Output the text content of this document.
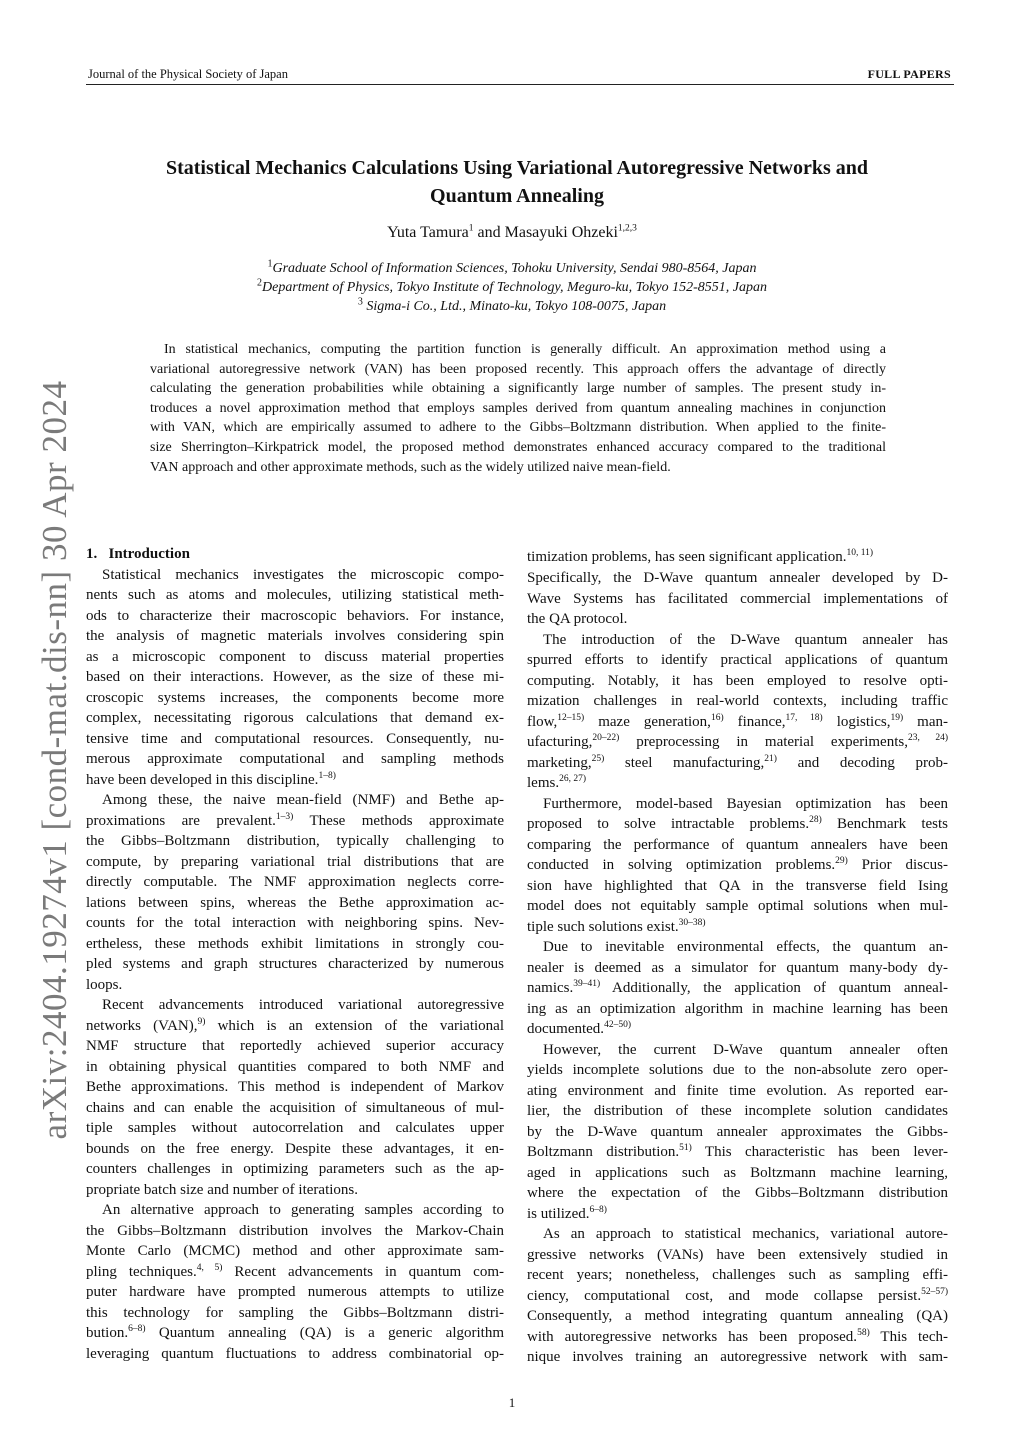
Journal of the Physical Society of Japan	FULL PAPERS
Statistical Mechanics Calculations Using Variational Autoregressive Networks and
Quantum Annealing
Yuta Tamura$^1$ and Masayuki Ohzeki$^{1,2,3}$
$^1$Graduate School of Information Sciences, Tohoku University, Sendai 980-8564, Japan
$^2$Department of Physics, Tokyo Institute of Technology, Meguro-ku, Tokyo 152-8551, Japan
$^3$ Sigma-i Co., Ltd., Minato-ku, Tokyo 108-0075, Japan
In statistical mechanics, computing the partition function is generally difficult. An approximation method using a
variational autoregressive network (VAN) has been proposed recently. This approach offers the advantage of directly
calculating the generation probabilities while obtaining a significantly large number of samples. The present study in-
troduces a novel approximation method that employs samples derived from quantum annealing machines in conjunction
with VAN, which are empirically assumed to adhere to the Gibbs–Boltzmann distribution. When applied to the finite-
size Sherrington–Kirkpatrick model, the proposed method demonstrates enhanced accuracy compared to the traditional
VAN approach and other approximate methods, such as the widely utilized naive mean-field.
arXiv:2404.19274v1 [cond-mat.dis-nn] 30 Apr 2024 1. Introduction
Statistical mechanics investigates the microscopic compo-
nents such as atoms and molecules, utilizing statistical meth-
ods to characterize their macroscopic behaviors. For instance,
the analysis of magnetic materials involves considering spin
as a microscopic component to discuss material properties
based on their interactions. However, as the size of these mi-
croscopic systems increases, the components become more
complex, necessitating rigorous calculations that demand ex-
tensive time and computational resources. Consequently, nu-
merous approximate computational and sampling methods
have been developed in this discipline.$^{1-8)}$
Among these, the naive mean-field (NMF) and Bethe ap-
proximations are prevalent.$^{1-3)}$ These methods approximate
the Gibbs–Boltzmann distribution, typically challenging to
compute, by preparing variational trial distributions that are
directly computable. The NMF approximation neglects corre-
lations between spins, whereas the Bethe approximation ac-
counts for the total interaction with neighboring spins. Nev-
ertheless, these methods exhibit limitations in strongly cou-
pled systems and graph structures characterized by numerous
loops.
Recent advancements introduced variational autoregressive
networks (VAN),$^{9)}$ which is an extension of the variational
NMF structure that reportedly achieved superior accuracy
in obtaining physical quantities compared to both NMF and
Bethe approximations. This method is independent of Markov
chains and can enable the acquisition of simultaneous of mul-
tiple samples without autocorrelation and calculates upper
bounds on the free energy. Despite these advantages, it en-
counters challenges in optimizing parameters such as the ap-
propriate batch size and number of iterations.
An alternative approach to generating samples according to
the Gibbs–Boltzmann distribution involves the Markov-Chain
Monte Carlo (MCMC) method and other approximate sam-
pling techniques.$^{4, 5)}$ Recent advancements in quantum com-
puter hardware have prompted numerous attempts to utilize
this technology for sampling the Gibbs–Boltzmann distri-
bution.$^{6-8)}$ Quantum annealing (QA) is a generic algorithm
leveraging quantum fluctuations to address combinatorial op-
timization problems, has seen significant application.$^{10, 11)}$
Specifically, the D-Wave quantum annealer developed by D-
Wave Systems has facilitated commercial implementations of
the QA protocol.
The introduction of the D-Wave quantum annealer has
spurred efforts to identify practical applications of quantum
computing. Notably, it has been employed to resolve opti-
mization challenges in real-world contexts, including traffic
flow,$^{12-15)}$ maze generation,$^{16)}$ finance,$^{17, 18)}$ logistics,$^{19)}$ man-
ufacturing,$^{20-22)}$ preprocessing in material experiments,$^{23, 24)}$
marketing,$^{25)}$ steel manufacturing,$^{21)}$ and decoding prob-
lems.$^{26, 27)}$
Furthermore, model-based Bayesian optimization has been
proposed to solve intractable problems.$^{28)}$ Benchmark tests
comparing the performance of quantum annealers have been
conducted in solving optimization problems.$^{29)}$ Prior discus-
sion have highlighted that QA in the transverse field Ising
model does not equitably sample optimal solutions when mul-
tiple such solutions exist.$^{30-38)}$
Due to inevitable environmental effects, the quantum an-
nealer is deemed as a simulator for quantum many-body dy-
namics.$^{39-41)}$ Additionally, the application of quantum anneal-
ing as an optimization algorithm in machine learning has been
documented.$^{42-50)}$
However, the current D-Wave quantum annealer often
yields incomplete solutions due to the non-absolute zero oper-
ating environment and finite time evolution. As reported ear-
lier, the distribution of these incomplete solution candidates
by the D-Wave quantum annealer approximates the Gibbs-
Boltzmann distribution.$^{51)}$ This characteristic has been lever-
aged in applications such as Boltzmann machine learning,
where the expectation of the Gibbs–Boltzmann distribution
is utilized.$^{6-8)}$
As an approach to statistical mechanics, variational autore-
gressive networks (VANs) have been extensively studied in
recent years; nonetheless, challenges such as sampling effi-
ciency, computational cost, and mode collapse persist.$^{52-57)}$
Consequently, a method integrating quantum annealing (QA)
with autoregressive networks has been proposed.$^{58)}$ This tech-
nique involves training an autoregressive network with sam-
1
